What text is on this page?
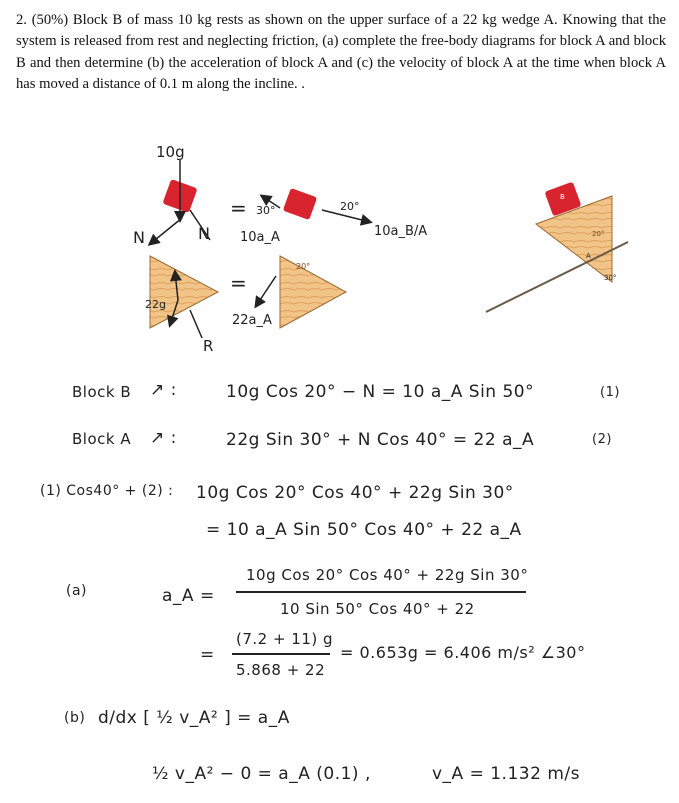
2. (50%) Block B of mass 10 kg rests as shown on the upper surface of a 22 kg wedge A. Knowing that the system is released from rest and neglecting friction, (a) complete the free-body diagrams for block A and block B and then determine (b) the acceleration of block A and (c) the velocity of block A at the time when block A has moved a distance of 0.1 m along the incline. .
10g
N	N
22g
R
=
=
30°	20°
10a_A	10a_B/A
22a_A
20°
B
A
20°
30°
Block B ↗ :	10g Cos 20° − N = 10 a_A Sin 50°	(1)
Block A ↗ :	22g Sin 30° + N Cos 40° = 22 a_A	(2)
(1) Cos40° + (2) : 10g Cos 20° Cos 40° + 22g Sin 30°
= 10 a_A Sin 50° Cos 40° + 22 a_A
(a)	a_A =
10g Cos 20° Cos 40° + 22g Sin 30°
10 Sin 50° Cos 40° + 22
=
(7.2 + 11) g
5.868 + 22
= 0.653g = 6.406 m/s² ∠30°
(b) d/dx [ ½ v_A² ] = a_A
½ v_A² − 0 = a_A (0.1) ,	v_A = 1.132 m/s
